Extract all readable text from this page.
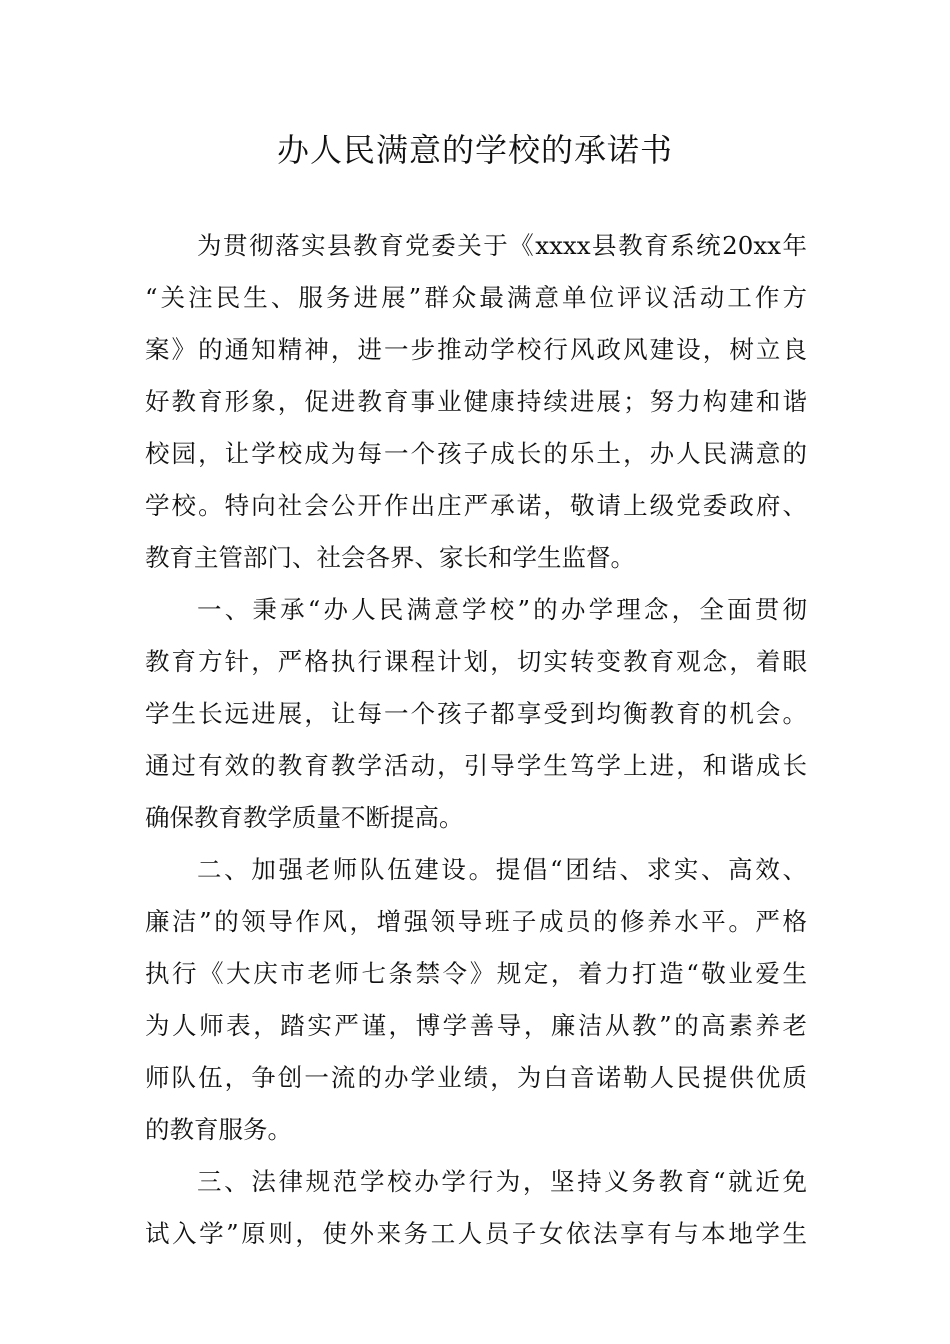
办人民满意的学校的承诺书
为贯彻落实县教育党委关于《xxxx县教育系统20xx年
“关注民生、服务进展”群众最满意单位评议活动工作方
案》的通知精神，进一步推动学校行风政风建设，树立良
好教育形象，促进教育事业健康持续进展；努力构建和谐
校园，让学校成为每一个孩子成长的乐土，办人民满意的
学校。特向社会公开作出庄严承诺，敬请上级党委政府、
教育主管部门、社会各界、家长和学生监督。
一、秉承“办人民满意学校”的办学理念，全面贯彻
教育方针，严格执行课程计划，切实转变教育观念，着眼
学生长远进展，让每一个孩子都享受到均衡教育的机会。
通过有效的教育教学活动，引导学生笃学上进，和谐成长
确保教育教学质量不断提高。
二、加强老师队伍建设。提倡“团结、求实、高效、
廉洁”的领导作风，增强领导班子成员的修养水平。严格
执行《大庆市老师七条禁令》规定，着力打造“敬业爱生
为人师表，踏实严谨，博学善导，廉洁从教”的高素养老
师队伍，争创一流的办学业绩，为白音诺勒人民提供优质
的教育服务。
三、法律规范学校办学行为，坚持义务教育“就近免
试入学”原则，使外来务工人员子女依法享有与本地学生
